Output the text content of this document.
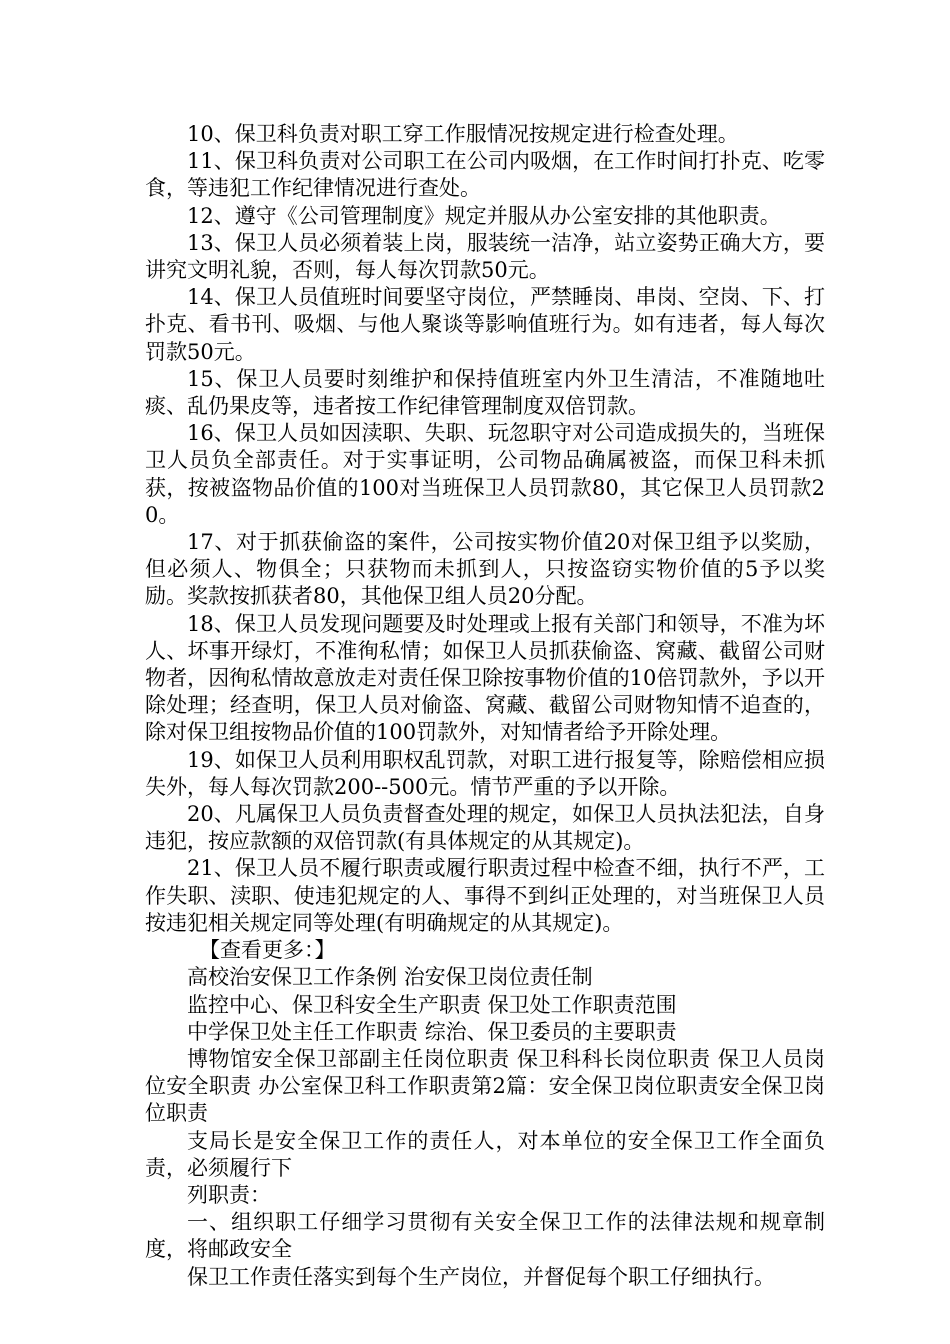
10、保卫科负责对职工穿工作服情况按规定进行检查处理。

11、保卫科负责对公司职工在公司内吸烟，在工作时间打扑克、吃零食，等违犯工作纪律情况进行查处。

12、遵守《公司管理制度》规定并服从办公室安排的其他职责。

13、保卫人员必须着装上岗，服装统一洁净，站立姿势正确大方，要讲究文明礼貌，否则，每人每次罚款50元。

14、保卫人员值班时间要坚守岗位，严禁睡岗、串岗、空岗、下、打扑克、看书刊、吸烟、与他人聚谈等影响值班行为。如有违者，每人每次罚款50元。

15、保卫人员要时刻维护和保持值班室内外卫生清洁，不准随地吐痰、乱仍果皮等，违者按工作纪律管理制度双倍罚款。

16、保卫人员如因渎职、失职、玩忽职守对公司造成损失的，当班保卫人员负全部责任。对于实事证明，公司物品确属被盗，而保卫科未抓获，按被盗物品价值的100对当班保卫人员罚款80，其它保卫人员罚款20。

17、对于抓获偷盗的案件，公司按实物价值20对保卫组予以奖励，但必须人、物俱全；只获物而未抓到人，只按盗窃实物价值的5予以奖励。奖款按抓获者80，其他保卫组人员20分配。

18、保卫人员发现问题要及时处理或上报有关部门和领导，不准为坏人、坏事开绿灯，不准徇私情；如保卫人员抓获偷盗、窝藏、截留公司财物者，因徇私情故意放走对责任保卫除按事物价值的10倍罚款外，予以开除处理；经查明，保卫人员对偷盗、窝藏、截留公司财物知情不追查的，除对保卫组按物品价值的100罚款外，对知情者给予开除处理。

19、如保卫人员利用职权乱罚款，对职工进行报复等，除赔偿相应损失外，每人每次罚款200--500元。情节严重的予以开除。

20、凡属保卫人员负责督查处理的规定，如保卫人员执法犯法，自身违犯，按应款额的双倍罚款(有具体规定的从其规定)。

21、保卫人员不履行职责或履行职责过程中检查不细，执行不严，工作失职、渎职、使违犯规定的人、事得不到纠正处理的，对当班保卫人员按违犯相关规定同等处理(有明确规定的从其规定)。

【查看更多：】

高校治安保卫工作条例 治安保卫岗位责任制

监控中心、保卫科安全生产职责 保卫处工作职责范围

中学保卫处主任工作职责 综治、保卫委员的主要职责

博物馆安全保卫部副主任岗位职责 保卫科科长岗位职责 保卫人员岗位安全职责 办公室保卫科工作职责第2篇：安全保卫岗位职责安全保卫岗位职责

支局长是安全保卫工作的责任人，对本单位的安全保卫工作全面负责，必须履行下

列职责：

一、组织职工仔细学习贯彻有关安全保卫工作的法律法规和规章制度，将邮政安全

保卫工作责任落实到每个生产岗位，并督促每个职工仔细执行。
